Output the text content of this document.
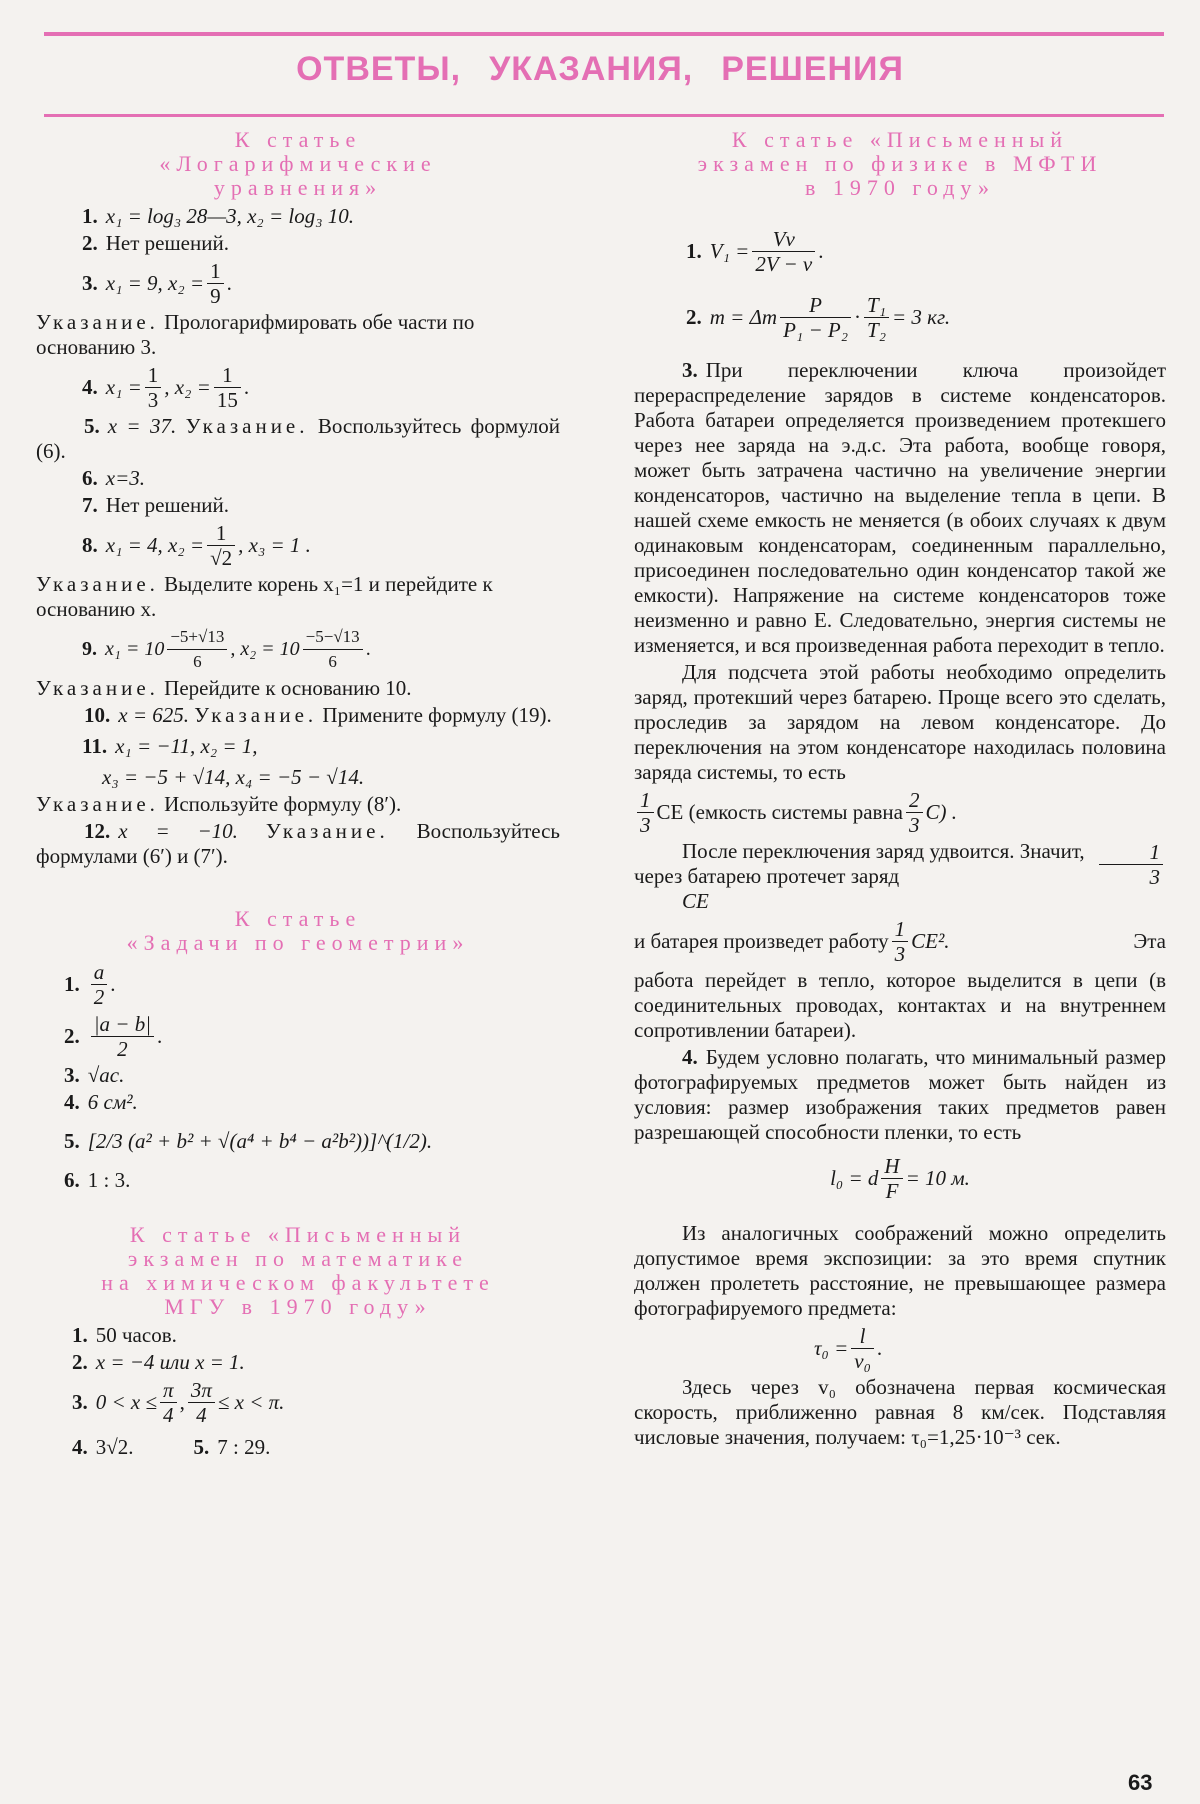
ОТВЕТЫ, УКАЗАНИЯ, РЕШЕНИЯ
К статье
«Логарифмические
уравнения»
1. x₁ = log₃ 28—3, x₂ = log₃ 10.
2. Нет решений.
3. x₁ = 9, $x_2 = \frac{1}{9}$ .
Указание. Прологарифмировать обе части по основанию 3.
4. $x_1 = \frac{1}{3}$ , $x_2 = \frac{1}{15}$ .
5. x = 37. Указание. Воспользуйтесь формулой (6).
6. x=3.
7. Нет решений.
8. x₁ = 4, $x_2 = \frac{1}{√2}$ , x₃ = 1 .
Указание. Выделите корень x₁=1 и перейдите к основанию x.
9. $x_1 = 10 \frac{-5+√13}{6}$ , $x_2 = 10 \frac{-5-√13}{6}$ .
Указание. Перейдите к основанию 10.
10. x = 625. Указание. Примените формулу (19).
11. x₁ = −11, x₂ = 1,
x₃ = −5 + √14, x₄ = −5 − √14.
Указание. Используйте формулу (8′).
12. x = −10. Указание. Воспользуйтесь формулами (6′) и (7′).
К статье
«Задачи по геометрии»
1. $\frac{a}{2}$ .
2. $\frac{|a - b|}{2}$ .
3. √ac.
4. 6 см².
5. [2/3 (a² + b² + √(a⁴ + b⁴ − a²b²))]^(1/2).
6. 1 : 3.
К статье «Письменный
экзамен по математике
на химическом факультете
МГУ в 1970 году»
1. 50 часов.
2. x = −4 или x = 1.
3. $0 < x \le \frac{\pi}{4}$ , $\frac{3\pi}{4} \le x < \pi$.
4. 3√2.	5. 7 : 29.
К статье «Письменный
экзамен по физике в МФТИ
в 1970 году»
1. $V_1 = \frac{Vv}{2V - v}$ .
2. m = Δm $\frac{P}{\text{P₁ − P₂}} \cdot \frac{\text{T₁}}{\text{T₂}} = 3$ кг.
3. При переключении ключа произойдет перераспределение зарядов в системе конденсаторов. Работа батареи определяется произведением протекшего через нее заряда на э.д.с. Эта работа, вообще говоря, может быть затрачена частично на увеличение энергии конденсаторов, частично на выделение тепла в цепи. В нашей схеме емкость не меняется (в обоих случаях к двум одинаковым конденсаторам, соединенным параллельно, присоединен последовательно один конденсатор такой же емкости). Напряжение на системе конденсаторов тоже неизменно и равно E. Следовательно, энергия системы не изменяется, и вся произведенная работа переходит в тепло.
Для подсчета этой работы необходимо определить заряд, протекший через батарею. Проще всего это сделать, проследив за зарядом на левом конденсаторе. До переключения на этом конденсаторе находилась половина заряда системы, то есть
$\frac{1}{3}$ CE (емкость системы равна $\frac{2}{3} C$) .
После переключения заряд удвоится. Значит, через батарею протечет заряд	$\frac{1}{3}$
CE
и батарея произведет работу $\frac{1}{3} CE^2$.	Эта
работа перейдет в тепло, которое выделится в цепи (в соединительных проводах, контактах и на внутреннем сопротивлении батареи).
4. Будем условно полагать, что минимальный размер фотографируемых предметов может быть найден из условия: размер изображения таких предметов равен разрешающей способности пленки, то есть
l₀ = d $\frac{H}{F} = 10$ м.
Из аналогичных соображений можно определить допустимое время экспозиции: за это время спутник должен пролететь расстояние, не превышающее размера фотографируемого предмета:
$\tau_0 = \frac{l}{\text{v₀}}$ .
Здесь через v₀ обозначена первая космическая скорость, приближенно равная 8 км/сек. Подставляя числовые значения, получаем: τ₀=1,25·10⁻³ сек.
63
